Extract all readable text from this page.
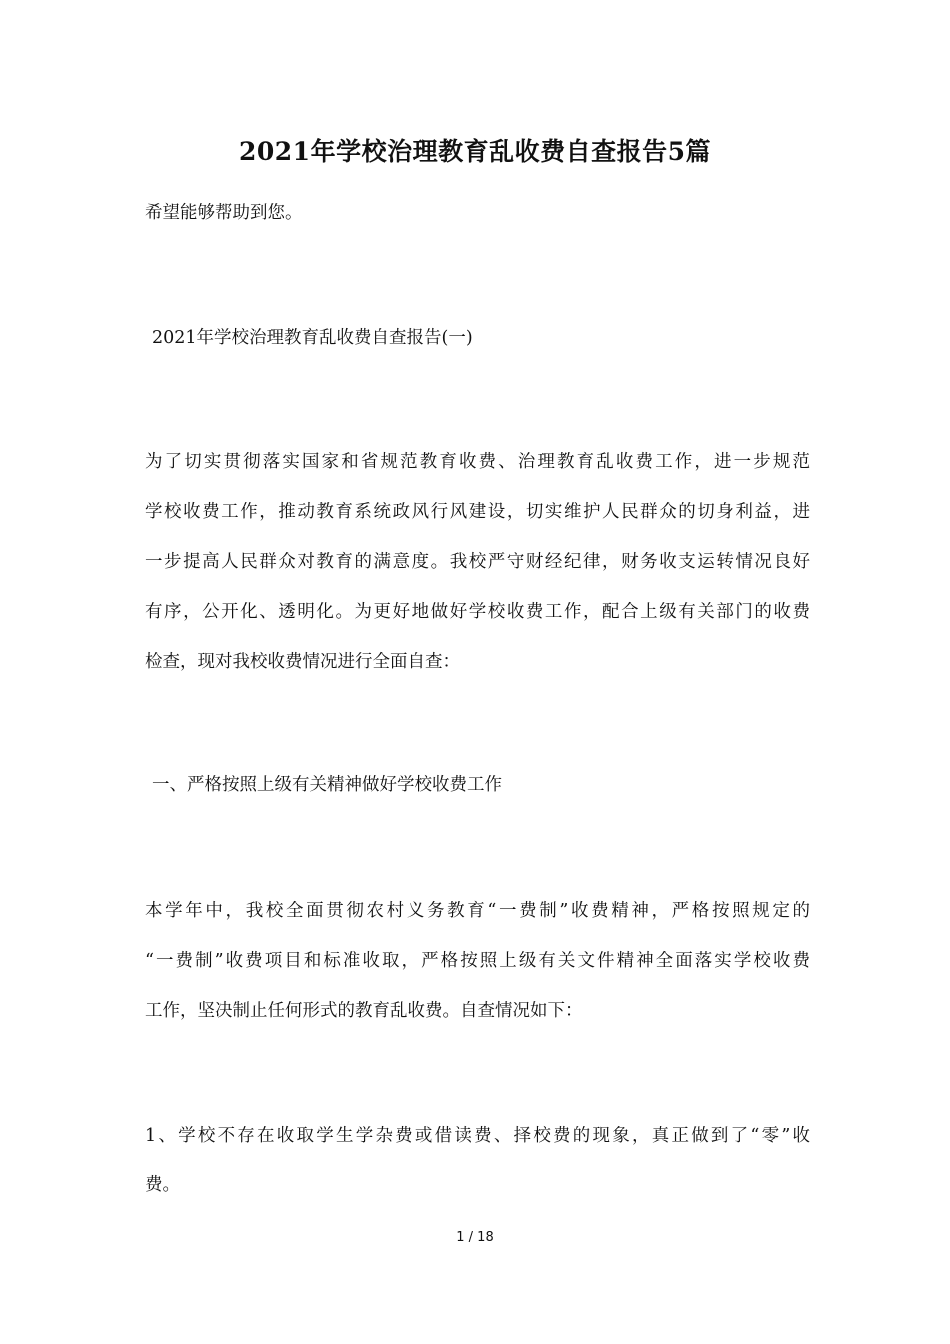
2021年学校治理教育乱收费自查报告5篇
希望能够帮助到您。
2021年学校治理教育乱收费自查报告(一)
为了切实贯彻落实国家和省规范教育收费、治理教育乱收费工作，进一步规范
学校收费工作，推动教育系统政风行风建设，切实维护人民群众的切身利益，进
一步提高人民群众对教育的满意度。我校严守财经纪律，财务收支运转情况良好
有序，公开化、透明化。为更好地做好学校收费工作，配合上级有关部门的收费
检查，现对我校收费情况进行全面自查：
一、严格按照上级有关精神做好学校收费工作
本学年中，我校全面贯彻农村义务教育“一费制”收费精神，严格按照规定的
“一费制”收费项目和标准收取，严格按照上级有关文件精神全面落实学校收费
工作，坚决制止任何形式的教育乱收费。自查情况如下：
1、学校不存在收取学生学杂费或借读费、择校费的现象，真正做到了“零”收
费。
1 / 18
